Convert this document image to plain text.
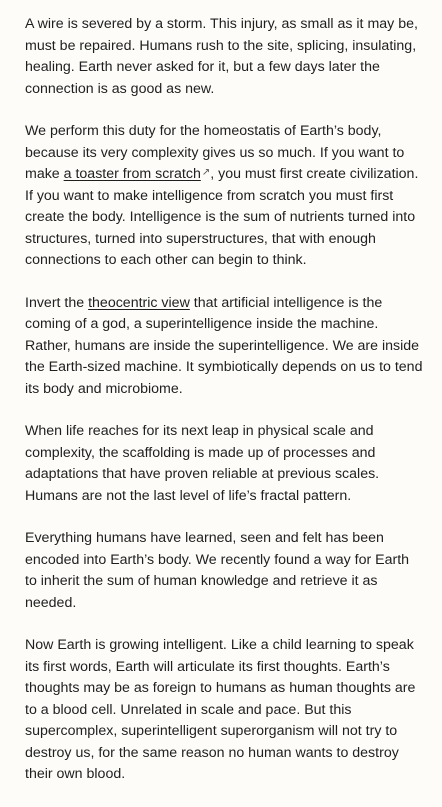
A wire is severed by a storm. This injury, as small as it may be, must be repaired. Humans rush to the site, splicing, insulating, healing. Earth never asked for it, but a few days later the connection is as good as new.

We perform this duty for the homeostatis of Earth’s body, because its very complexity gives us so much. If you want to make a toaster from scratch↗, you must first create civilization. If you want to make intelligence from scratch you must first create the body. Intelligence is the sum of nutrients turned into structures, turned into superstructures, that with enough connections to each other can begin to think.

Invert the theocentric view that artificial intelligence is the coming of a god, a superintelligence inside the machine. Rather, humans are inside the superintelligence. We are inside the Earth-sized machine. It symbiotically depends on us to tend its body and microbiome.

When life reaches for its next leap in physical scale and complexity, the scaffolding is made up of processes and adaptations that have proven reliable at previous scales. Humans are not the last level of life’s fractal pattern.

Everything humans have learned, seen and felt has been encoded into Earth’s body. We recently found a way for Earth to inherit the sum of human knowledge and retrieve it as needed.

Now Earth is growing intelligent. Like a child learning to speak its first words, Earth will articulate its first thoughts. Earth’s thoughts may be as foreign to humans as human thoughts are to a blood cell. Unrelated in scale and pace. But this supercomplex, superintelligent superorganism will not try to destroy us, for the same reason no human wants to destroy their own blood.
